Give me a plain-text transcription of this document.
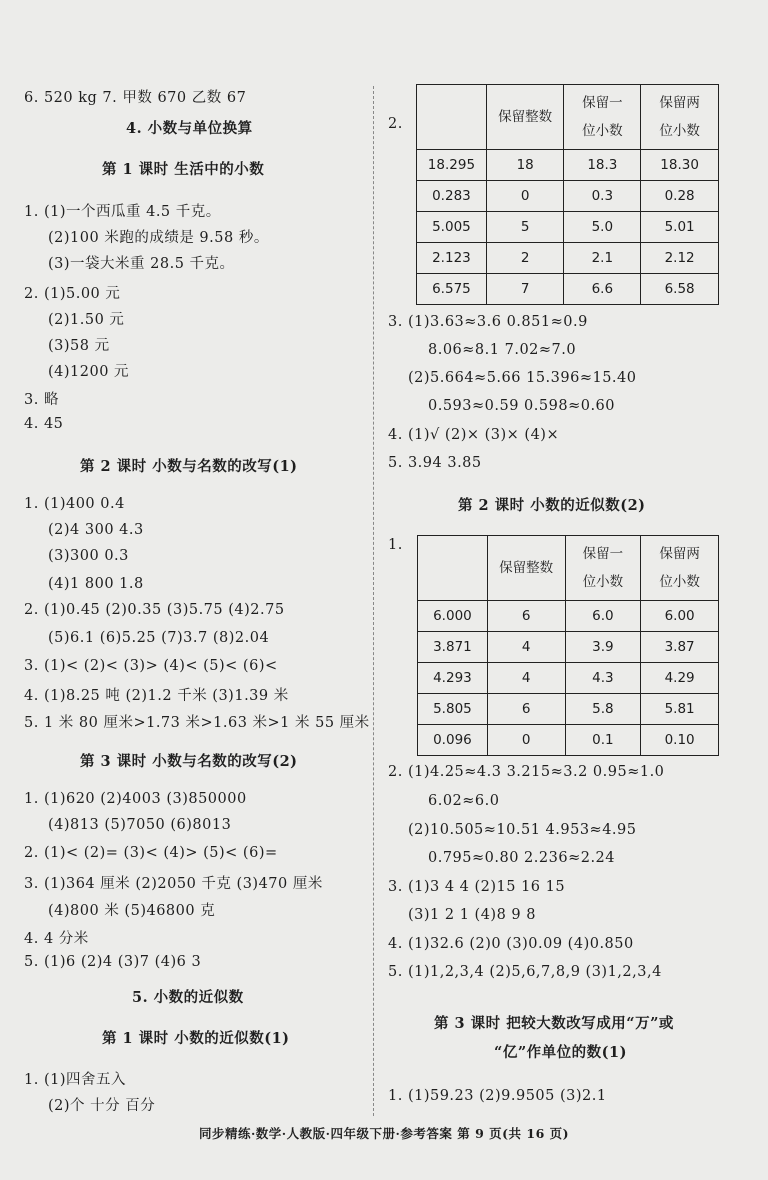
6. 520 kg 7. 甲数 670 乙数 67
4. 小数与单位换算
第 1 课时 生活中的小数
1. (1)一个西瓜重 4.5 千克。
(2)100 米跑的成绩是 9.58 秒。
(3)一袋大米重 28.5 千克。
2. (1)5.00 元
(2)1.50 元
(3)58 元
(4)1200 元
3. 略
4. 45
第 2 课时 小数与名数的改写(1)
1. (1)400 0.4
(2)4 300 4.3
(3)300 0.3
(4)1 800 1.8
2. (1)0.45 (2)0.35 (3)5.75 (4)2.75
(5)6.1 (6)5.25 (7)3.7 (8)2.04
3. (1)< (2)< (3)> (4)< (5)< (6)<
4. (1)8.25 吨 (2)1.2 千米 (3)1.39 米
5. 1 米 80 厘米>1.73 米>1.63 米>1 米 55 厘米
第 3 课时 小数与名数的改写(2)
1. (1)620 (2)4003 (3)850000
(4)813 (5)7050 (6)8013
2. (1)< (2)= (3)< (4)> (5)< (6)=
3. (1)364 厘米 (2)2050 千克 (3)470 厘米
(4)800 米 (5)46800 克
4. 4 分米
5. (1)6 (2)4 (3)7 (4)6 3
5. 小数的近似数
第 1 课时 小数的近似数(1)
1. (1)四舍五入
(2)个 十分 百分
2.
		保留整数	保留一
位小数	保留两
位小数
18.295	18	18.3	18.30
0.283	0	0.3	0.28
5.005	5	5.0	5.01
2.123	2	2.1	2.12
6.575	7	6.6	6.58
3. (1)3.63≈3.6 0.851≈0.9
8.06≈8.1 7.02≈7.0
(2)5.664≈5.66 15.396≈15.40
0.593≈0.59 0.598≈0.60
4. (1)√ (2)× (3)× (4)×
5. 3.94 3.85
第 2 课时 小数的近似数(2)
1.
	保留整数	保留一
位小数	保留两
位小数
6.000	6	6.0	6.00
3.871	4	3.9	3.87
4.293	4	4.3	4.29
5.805	6	5.8	5.81
0.096	0	0.1	0.10
2. (1)4.25≈4.3 3.215≈3.2 0.95≈1.0
6.02≈6.0
(2)10.505≈10.51 4.953≈4.95
0.795≈0.80 2.236≈2.24
3. (1)3 4 4 (2)15 16 15
(3)1 2 1 (4)8 9 8
4. (1)32.6 (2)0 (3)0.09 (4)0.850
5. (1)1,2,3,4 (2)5,6,7,8,9 (3)1,2,3,4
第 3 课时 把较大数改写成用“万”或
“亿”作单位的数(1)
1. (1)59.23 (2)9.9505 (3)2.1
同步精练·数学·人教版·四年级下册·参考答案 第 9 页(共 16 页)
